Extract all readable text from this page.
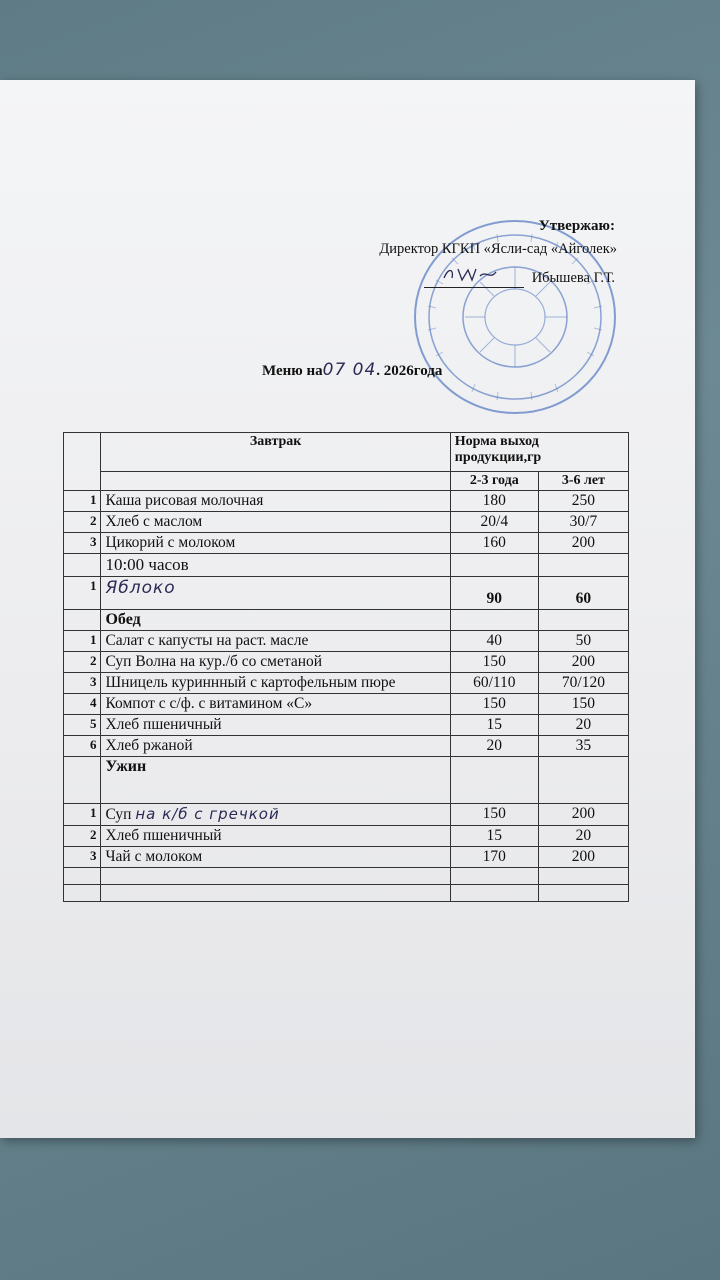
Утвержаю:
Директор КГКП «Ясли-сад «Айголек»
Ибышева Г.Т.
Меню на07 04. 2026года
	Завтрак	Норма выход продукции,гр	
		2-3 года	3-6 лет
1	Каша рисовая молочная	180	250
2	Хлеб с маслом	20/4	30/7
3	Цикорий с молоком	160	200
	10:00 часов		
1	Яблоко	90	60
	Обед		
1	Салат с капусты на раст. масле	40	50
2	Суп Волна на кур./б со сметаной	150	200
3	Шницель куриннный с картофельным пюре	60/110	70/120
4	Компот с с/ф. с витамином «С»	150	150
5	Хлеб пшеничный	15	20
6	Хлеб ржаной	20	35
	Ужин		
1	Суп на к/б с гречкой	150	200
2	Хлеб пшеничный	15	20
3	Чай с молоком	170	200
